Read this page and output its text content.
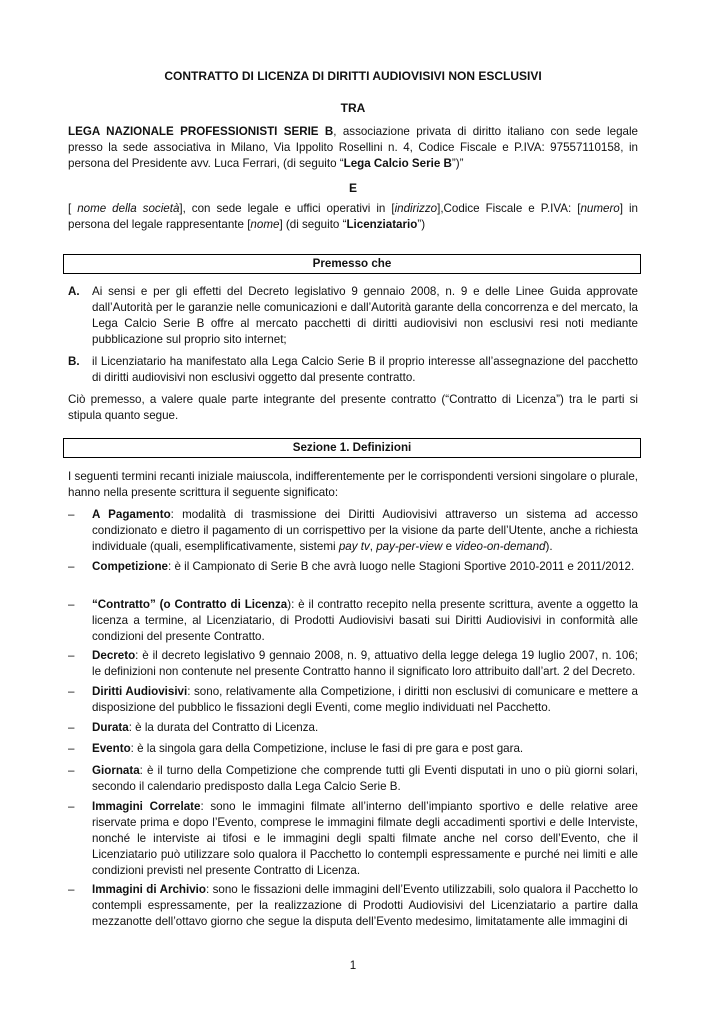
CONTRATTO DI LICENZA DI DIRITTI AUDIOVISIVI NON ESCLUSIVI
TRA
LEGA NAZIONALE PROFESSIONISTI SERIE B, associazione privata di diritto italiano con sede legale presso la sede associativa in Milano, Via Ippolito Rosellini n. 4, Codice Fiscale e P.IVA: 97557110158, in persona del Presidente avv. Luca Ferrari, (di seguito “Lega Calcio Serie B”)”
E
[ nome della società], con sede legale e uffici operativi in [indirizzo],Codice Fiscale e P.IVA: [numero] in persona del legale rappresentante [nome] (di seguito “Licenziatario”)
Premesso che
A. Ai sensi e per gli effetti del Decreto legislativo 9 gennaio 2008, n. 9 e delle Linee Guida approvate dall’Autorità per le garanzie nelle comunicazioni e dall’Autorità garante della concorrenza e del mercato, la Lega Calcio Serie B offre al mercato pacchetti di diritti audiovisivi non esclusivi resi noti mediante pubblicazione sul proprio sito internet;
B. il Licenziatario ha manifestato alla Lega Calcio Serie B il proprio interesse all’assegnazione del pacchetto di diritti audiovisivi non esclusivi oggetto dal presente contratto.
Ciò premesso, a valere quale parte integrante del presente contratto (“Contratto di Licenza”) tra le parti si stipula quanto segue.
Sezione 1. Definizioni
I seguenti termini recanti iniziale maiuscola, indifferentemente per le corrispondenti versioni singolare o plurale, hanno nella presente scrittura il seguente significato:
– A Pagamento: modalità di trasmissione dei Diritti Audiovisivi attraverso un sistema ad accesso condizionato e dietro il pagamento di un corrispettivo per la visione da parte dell’Utente, anche a richiesta individuale (quali, esemplificativamente, sistemi pay tv, pay-per-view e video-on-demand).
– Competizione: è il Campionato di Serie B che avrà luogo nelle Stagioni Sportive 2010-2011 e 2011/2012.
– “Contratto” (o Contratto di Licenza): è il contratto recepito nella presente scrittura, avente a oggetto la licenza a termine, al Licenziatario, di Prodotti Audiovisivi basati sui Diritti Audiovisivi in conformità alle condizioni del presente Contratto.
– Decreto: è il decreto legislativo 9 gennaio 2008, n. 9, attuativo della legge delega 19 luglio 2007, n. 106; le definizioni non contenute nel presente Contratto hanno il significato loro attribuito dall’art. 2 del Decreto.
– Diritti Audiovisivi: sono, relativamente alla Competizione, i diritti non esclusivi di comunicare e mettere a disposizione del pubblico le fissazioni degli Eventi, come meglio individuati nel Pacchetto.
– Durata: è la durata del Contratto di Licenza.
– Evento: è la singola gara della Competizione, incluse le fasi di pre gara e post gara.
– Giornata: è il turno della Competizione che comprende tutti gli Eventi disputati in uno o più giorni solari, secondo il calendario predisposto dalla Lega Calcio Serie B.
– Immagini Correlate: sono le immagini filmate all’interno dell’impianto sportivo e delle relative aree riservate prima e dopo l’Evento, comprese le immagini filmate degli accadimenti sportivi e delle Interviste, nonché le interviste ai tifosi e le immagini degli spalti filmate anche nel corso dell’Evento, che il Licenziatario può utilizzare solo qualora il Pacchetto lo contempli espressamente e purché nei limiti e alle condizioni previsti nel presente Contratto di Licenza.
– Immagini di Archivio: sono le fissazioni delle immagini dell’Evento utilizzabili, solo qualora il Pacchetto lo contempli espressamente, per la realizzazione di Prodotti Audiovisivi del Licenziatario a partire dalla mezzanotte dell’ottavo giorno che segue la disputa dell’Evento medesimo, limitatamente alle immagini di
1
